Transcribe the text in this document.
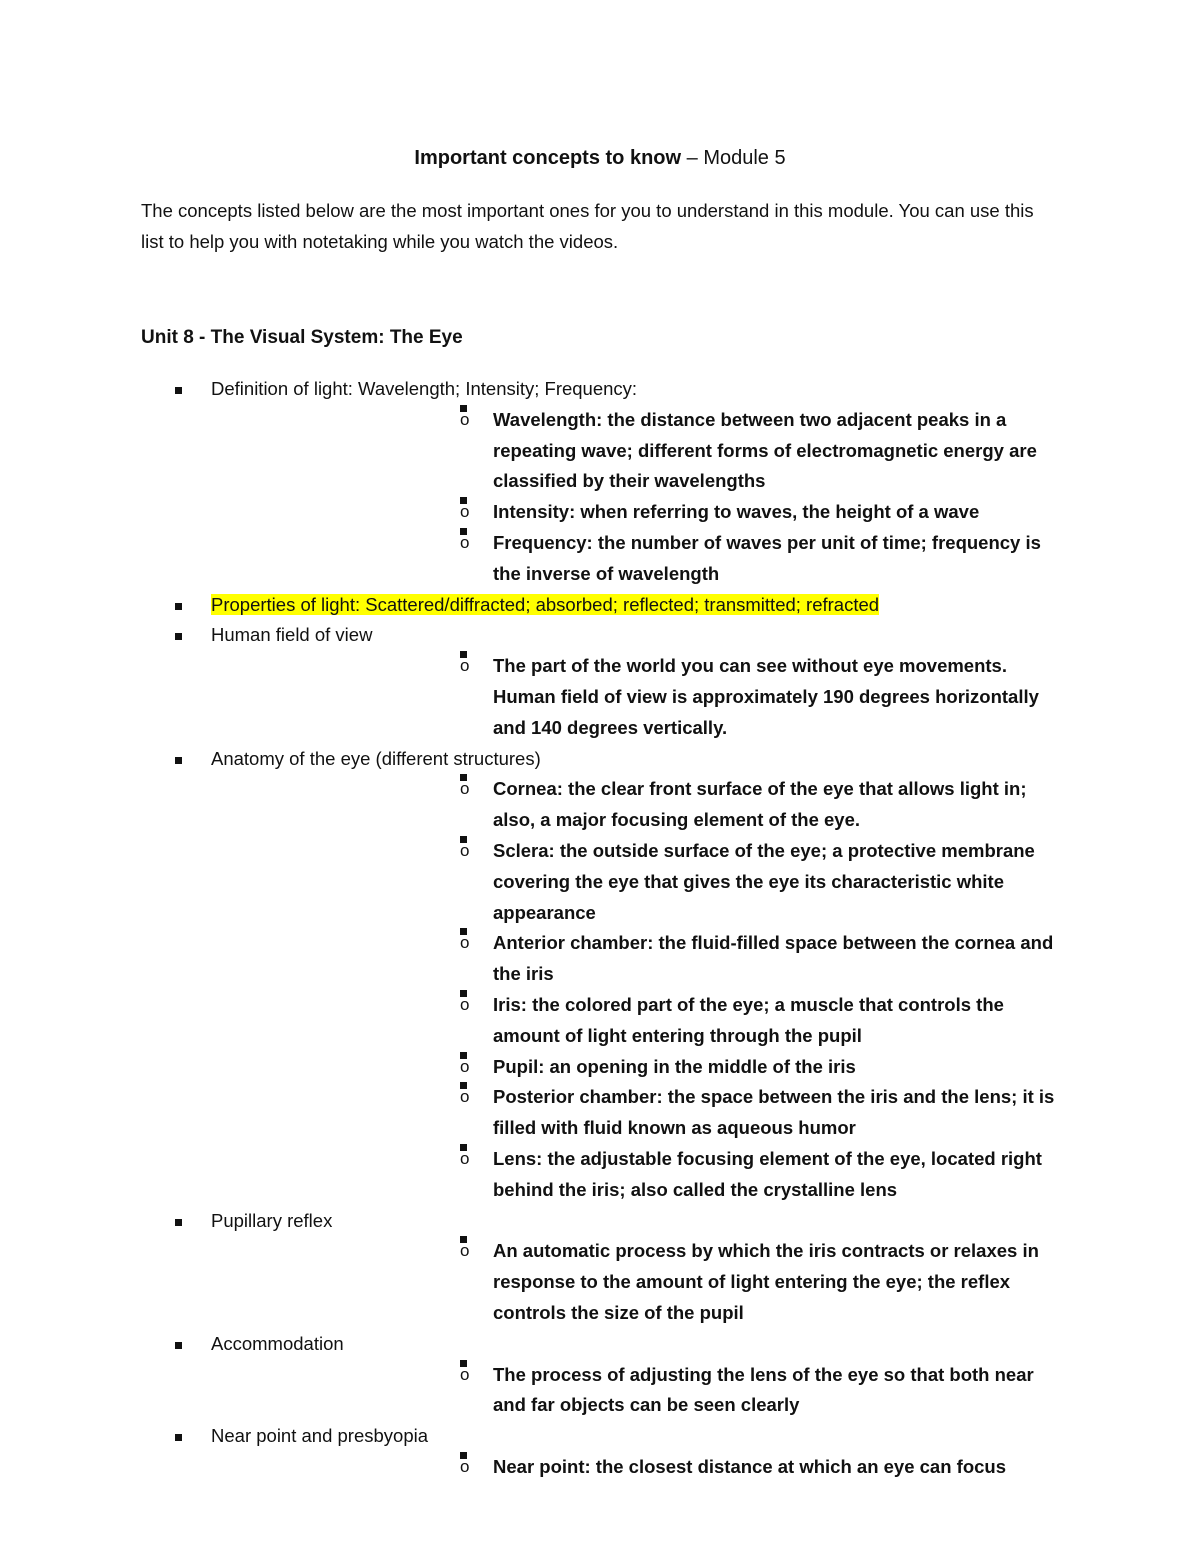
Important concepts to know – Module 5

The concepts listed below are the most important ones for you to understand in this module. You can use this list to help you with notetaking while you watch the videos.

Unit 8 - The Visual System: The Eye

Definition of light: Wavelength; Intensity; Frequency:
o Wavelength: the distance between two adjacent peaks in a repeating wave; different forms of electromagnetic energy are classified by their wavelengths
o Intensity: when referring to waves, the height of a wave
o Frequency: the number of waves per unit of time; frequency is the inverse of wavelength
Properties of light: Scattered/diffracted; absorbed; reflected; transmitted; refracted
Human field of view
o The part of the world you can see without eye movements. Human field of view is approximately 190 degrees horizontally and 140 degrees vertically.
Anatomy of the eye (different structures)
o Cornea: the clear front surface of the eye that allows light in; also, a major focusing element of the eye.
o Sclera: the outside surface of the eye; a protective membrane covering the eye that gives the eye its characteristic white appearance
o Anterior chamber: the fluid-filled space between the cornea and the iris
o Iris: the colored part of the eye; a muscle that controls the amount of light entering through the pupil
o Pupil: an opening in the middle of the iris
o Posterior chamber: the space between the iris and the lens; it is filled with fluid known as aqueous humor
o Lens: the adjustable focusing element of the eye, located right behind the iris; also called the crystalline lens
Pupillary reflex
o An automatic process by which the iris contracts or relaxes in response to the amount of light entering the eye; the reflex controls the size of the pupil
Accommodation
o The process of adjusting the lens of the eye so that both near and far objects can be seen clearly
Near point and presbyopia
o Near point: the closest distance at which an eye can focus
